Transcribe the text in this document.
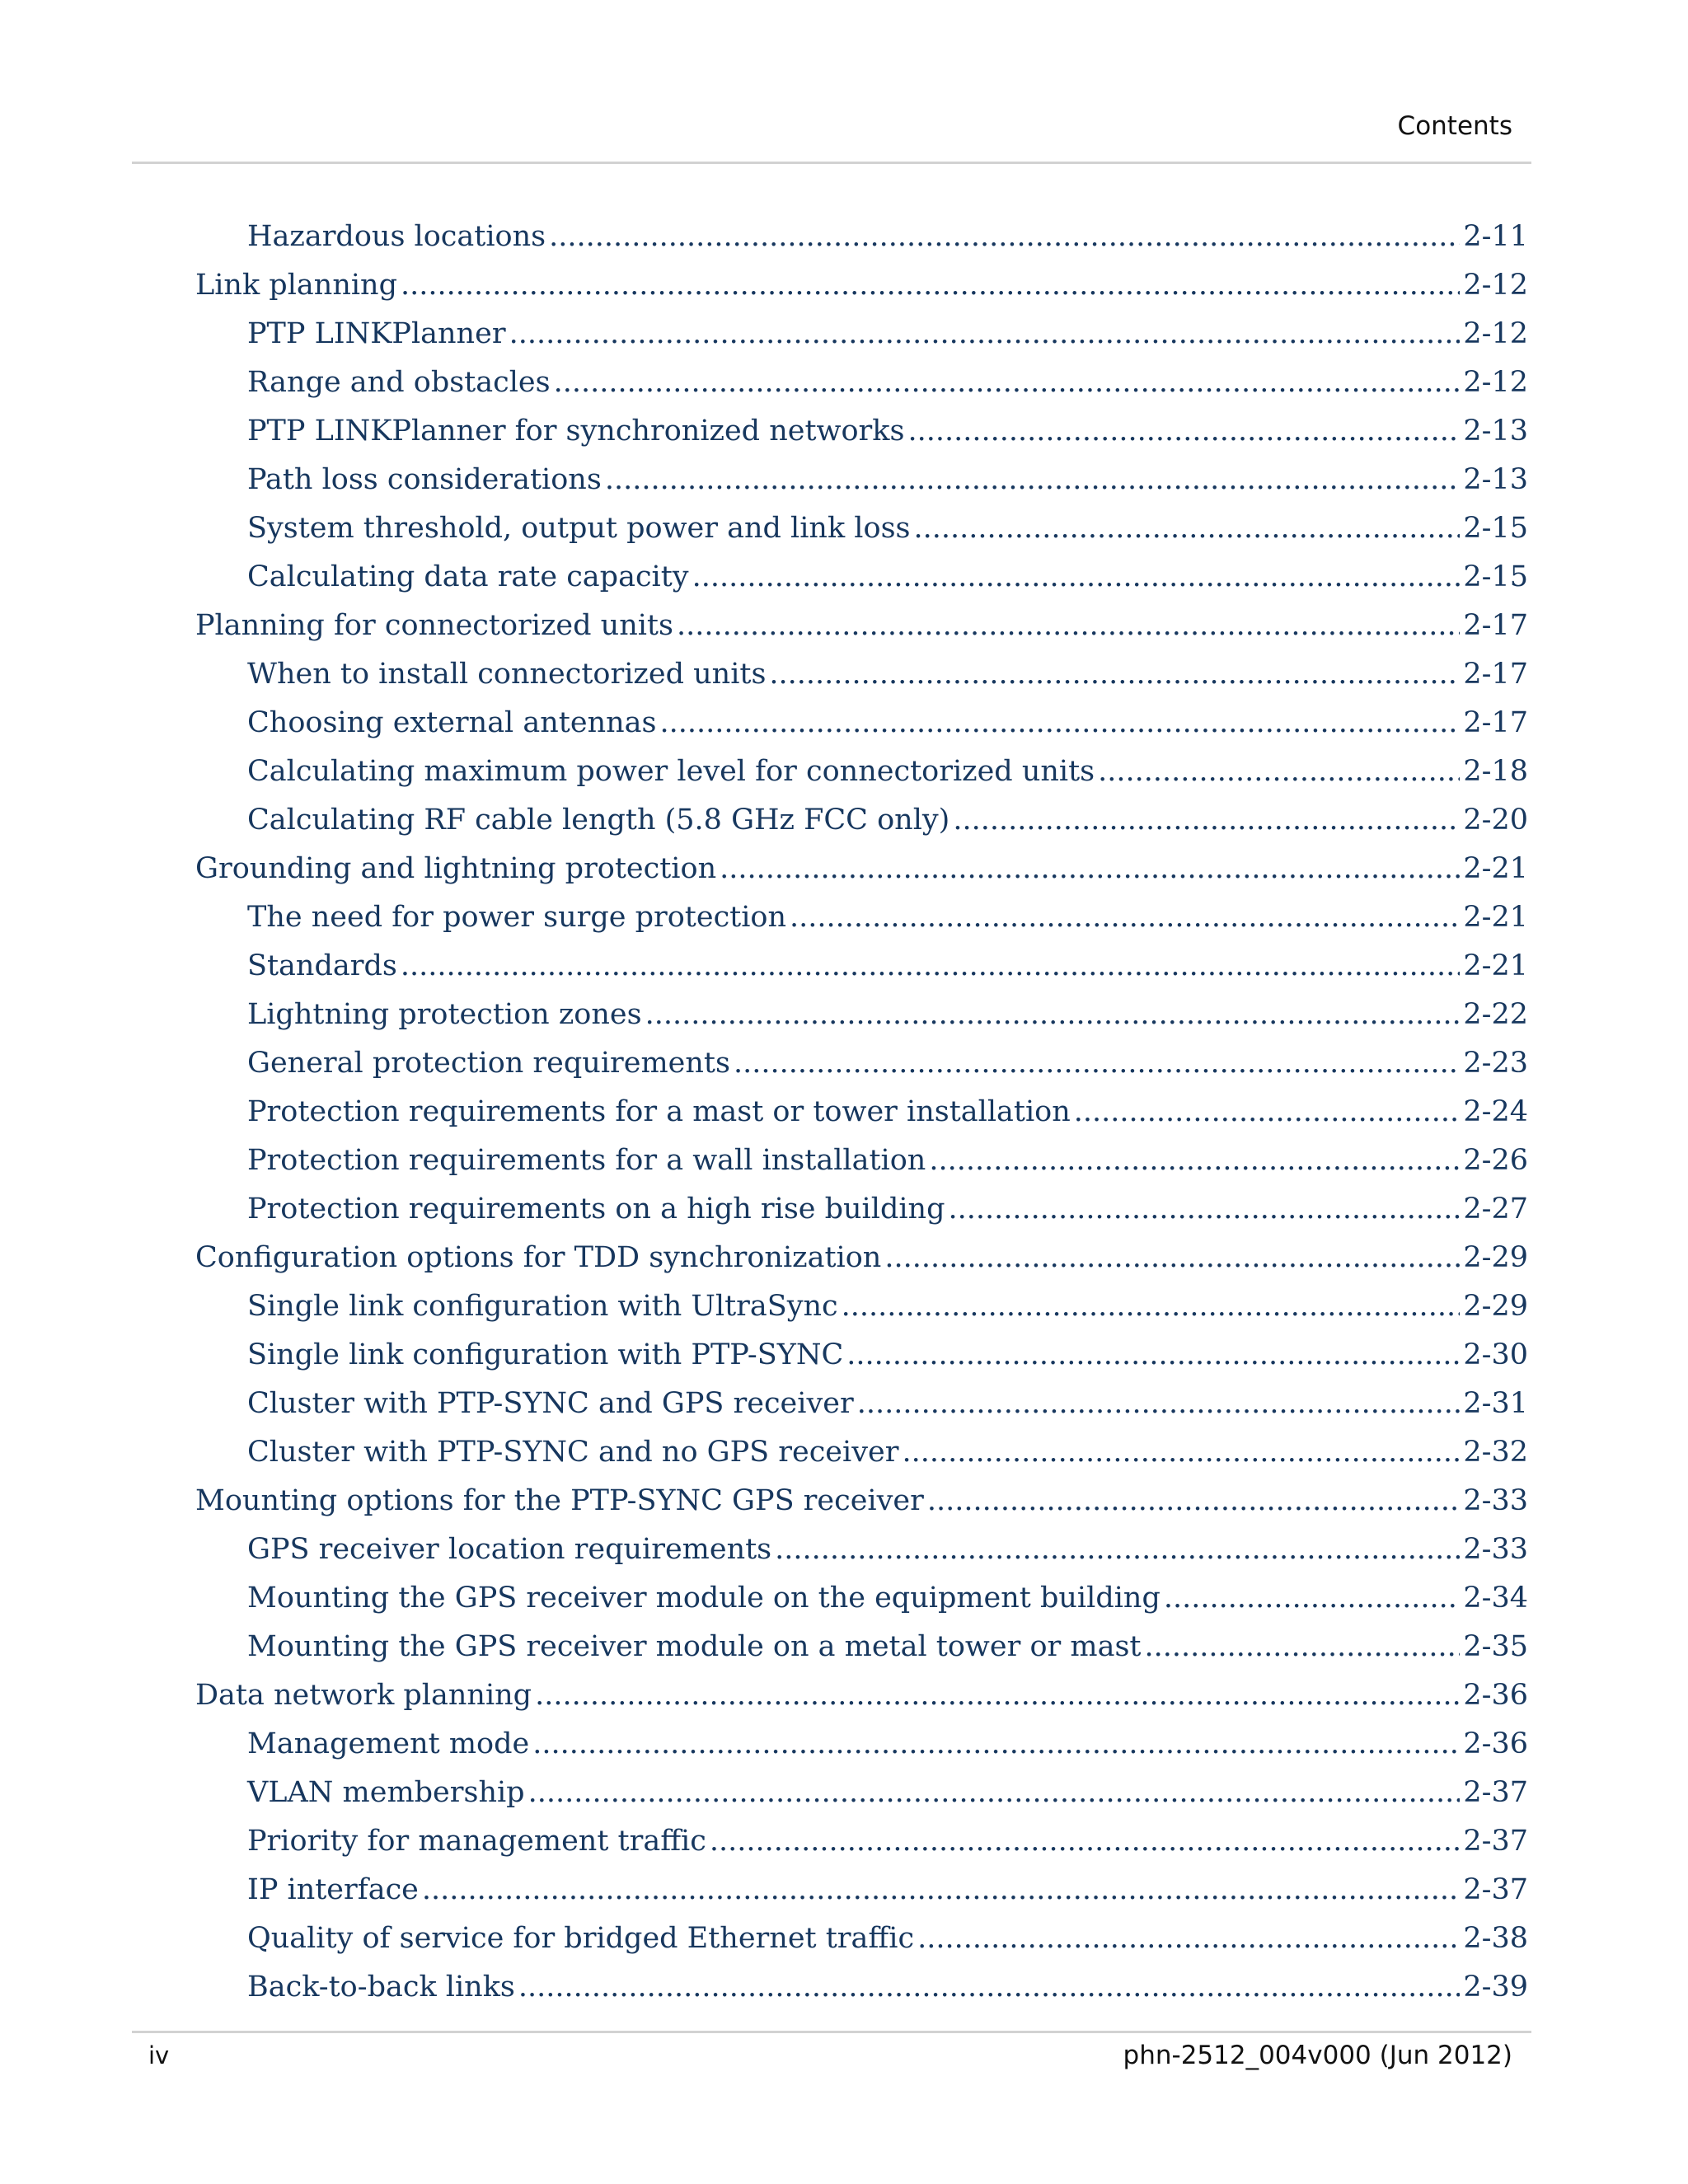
Contents
Hazardous locations .....	2-11
Link planning .....	2-12
PTP LINKPlanner .....	2-12
Range and obstacles .....	2-12
PTP LINKPlanner for synchronized networks .....	2-13
Path loss considerations .....	2-13
System threshold, output power and link loss .....	2-15
Calculating data rate capacity .....	2-15
Planning for connectorized units .....	2-17
When to install connectorized units .....	2-17
Choosing external antennas .....	2-17
Calculating maximum power level for connectorized units .....	2-18
Calculating RF cable length (5.8 GHz FCC only) .....	2-20
Grounding and lightning protection .....	2-21
The need for power surge protection .....	2-21
Standards .....	2-21
Lightning protection zones .....	2-22
General protection requirements .....	2-23
Protection requirements for a mast or tower installation .....	2-24
Protection requirements for a wall installation .....	2-26
Protection requirements on a high rise building .....	2-27
Configuration options for TDD synchronization .....	2-29
Single link configuration with UltraSync .....	2-29
Single link configuration with PTP-SYNC .....	2-30
Cluster with PTP-SYNC and GPS receiver .....	2-31
Cluster with PTP-SYNC and no GPS receiver .....	2-32
Mounting options for the PTP-SYNC GPS receiver .....	2-33
GPS receiver location requirements .....	2-33
Mounting the GPS receiver module on the equipment building .....	2-34
Mounting the GPS receiver module on a metal tower or mast .....	2-35
Data network planning .....	2-36
Management mode .....	2-36
VLAN membership .....	2-37
Priority for management traffic .....	2-37
IP interface .....	2-37
Quality of service for bridged Ethernet traffic .....	2-38
Back-to-back links .....	2-39
iv	phn-2512_004v000 (Jun 2012)
